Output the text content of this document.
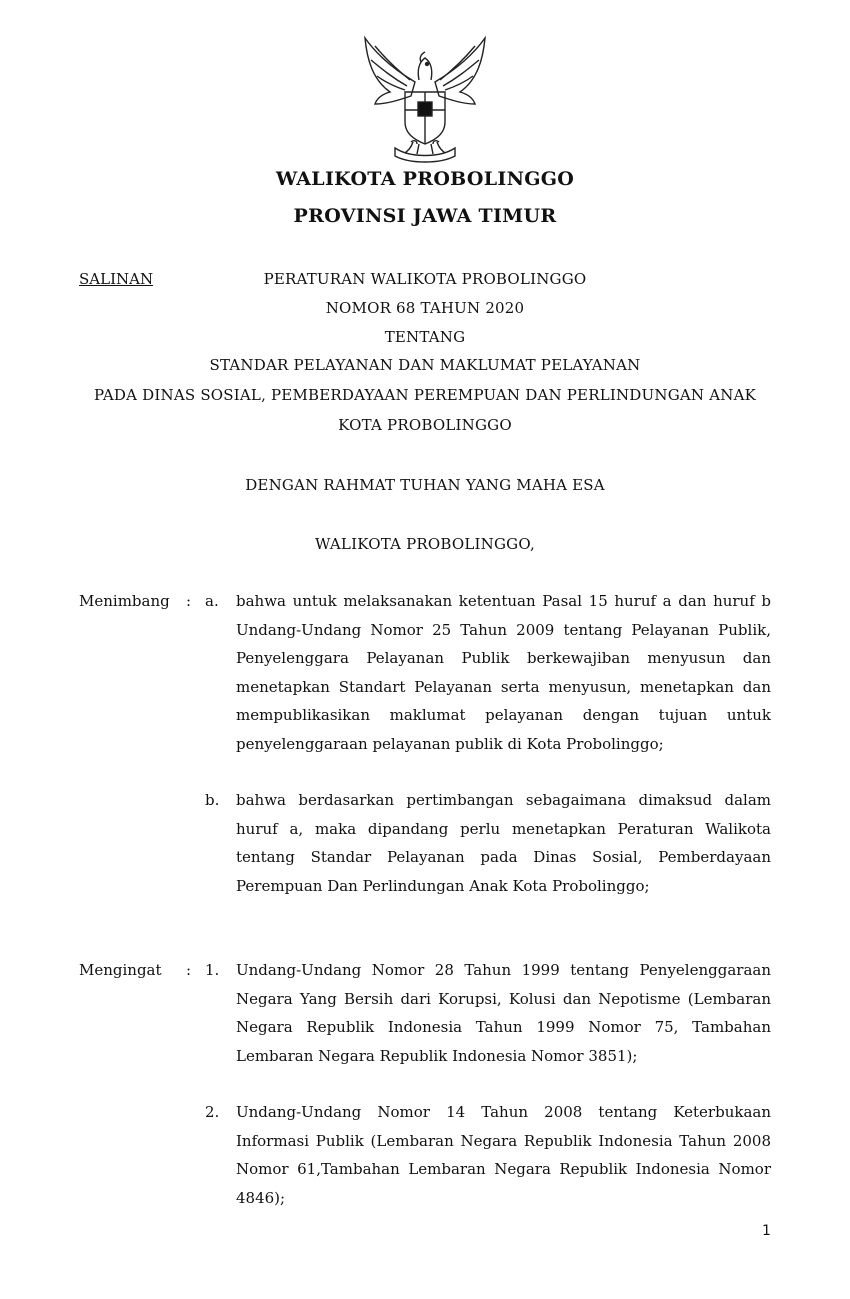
WALIKOTA PROBOLINGGO
PROVINSI JAWA TIMUR
SALINAN	PERATURAN WALIKOTA PROBOLINGGO
NOMOR 68 TAHUN 2020
TENTANG
STANDAR PELAYANAN DAN MAKLUMAT PELAYANAN
PADA DINAS SOSIAL, PEMBERDAYAAN PEREMPUAN DAN PERLINDUNGAN ANAK
KOTA PROBOLINGGO
DENGAN RAHMAT TUHAN YANG MAHA ESA
WALIKOTA PROBOLINGGO,
Menimbang : a. bahwa untuk melaksanakan ketentuan Pasal 15 huruf a dan huruf b Undang-Undang Nomor 25 Tahun 2009 tentang Pelayanan Publik, Penyelenggara Pelayanan Publik berkewajiban menyusun dan menetapkan Standart Pelayanan serta menyusun, menetapkan dan mempublikasikan maklumat pelayanan dengan tujuan untuk penyelenggaraan pelayanan publik di Kota Probolinggo;
b. bahwa berdasarkan pertimbangan sebagaimana dimaksud dalam huruf a, maka dipandang perlu menetapkan Peraturan Walikota tentang Standar Pelayanan pada Dinas Sosial, Pemberdayaan Perempuan Dan Perlindungan Anak Kota Probolinggo;
Mengingat : 1. Undang-Undang Nomor 28 Tahun 1999 tentang Penyelenggaraan Negara Yang Bersih dari Korupsi, Kolusi dan Nepotisme (Lembaran Negara Republik Indonesia Tahun 1999 Nomor 75, Tambahan Lembaran Negara Republik Indonesia Nomor 3851);
2. Undang-Undang Nomor 14 Tahun 2008 tentang Keterbukaan Informasi Publik (Lembaran Negara Republik Indonesia Tahun 2008 Nomor 61,Tambahan Lembaran Negara Republik Indonesia Nomor 4846);
1
